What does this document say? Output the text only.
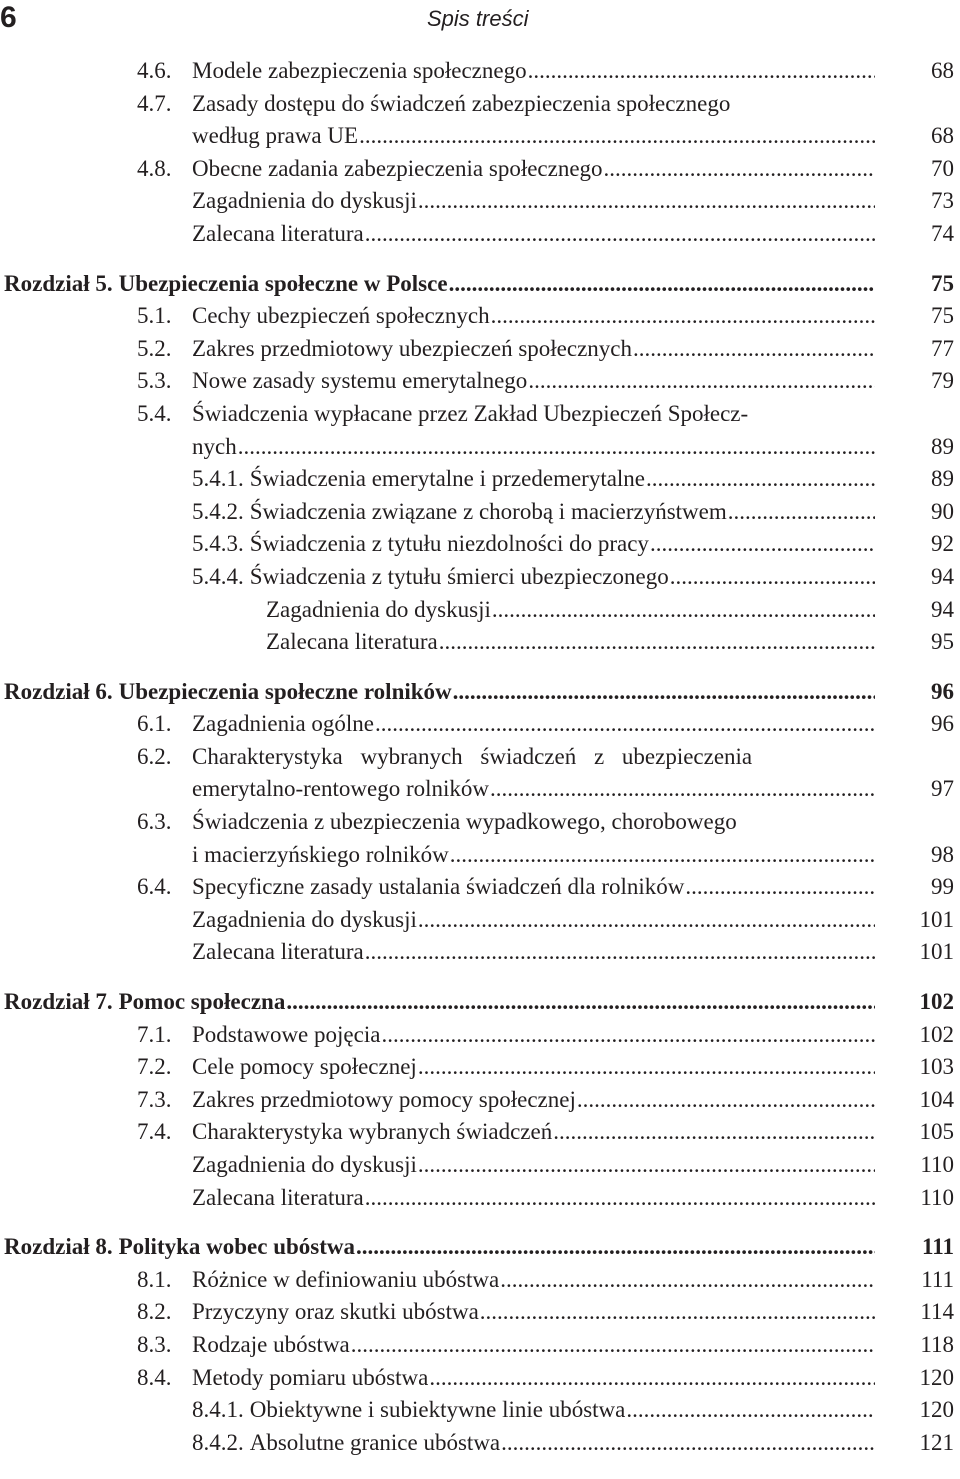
6	Spis treści
4.6. Modele zabezpieczenia społecznego .....	68
4.7. Zasady dostępu do świadczeń zabezpieczenia społecznego
według prawa UE .....	68
4.8. Obecne zadania zabezpieczenia społecznego .....	70
Zagadnienia do dyskusji .....	73
Zalecana literatura .....	74
Rozdział 5. Ubezpieczenia społeczne w Polsce .....	75
5.1. Cechy ubezpieczeń społecznych .....	75
5.2. Zakres przedmiotowy ubezpieczeń społecznych .....	77
5.3. Nowe zasady systemu emerytalnego .....	79
5.4. Świadczenia wypłacane przez Zakład Ubezpieczeń Społecz-
nych .....	89
5.4.1. Świadczenia emerytalne i przedemerytalne .....	89
5.4.2. Świadczenia związane z chorobą i macierzyństwem .....	90
5.4.3. Świadczenia z tytułu niezdolności do pracy .....	92
5.4.4. Świadczenia z tytułu śmierci ubezpieczonego .....	94
Zagadnienia do dyskusji .....	94
Zalecana literatura .....	95
Rozdział 6. Ubezpieczenia społeczne rolników .....	96
6.1. Zagadnienia ogólne .....	96
6.2. Charakterystyka wybranych świadczeń z ubezpieczenia
emerytalno-rentowego rolników .....	97
6.3. Świadczenia z ubezpieczenia wypadkowego, chorobowego
i macierzyńskiego rolników .....	98
6.4. Specyficzne zasady ustalania świadczeń dla rolników .....	99
Zagadnienia do dyskusji .....	101
Zalecana literatura .....	101
Rozdział 7. Pomoc społeczna .....	102
7.1. Podstawowe pojęcia .....	102
7.2. Cele pomocy społecznej .....	103
7.3. Zakres przedmiotowy pomocy społecznej .....	104
7.4. Charakterystyka wybranych świadczeń .....	105
Zagadnienia do dyskusji .....	110
Zalecana literatura .....	110
Rozdział 8. Polityka wobec ubóstwa .....	111
8.1. Różnice w definiowaniu ubóstwa .....	111
8.2. Przyczyny oraz skutki ubóstwa .....	114
8.3. Rodzaje ubóstwa .....	118
8.4. Metody pomiaru ubóstwa .....	120
8.4.1. Obiektywne i subiektywne linie ubóstwa .....	120
8.4.2. Absolutne granice ubóstwa .....	121
